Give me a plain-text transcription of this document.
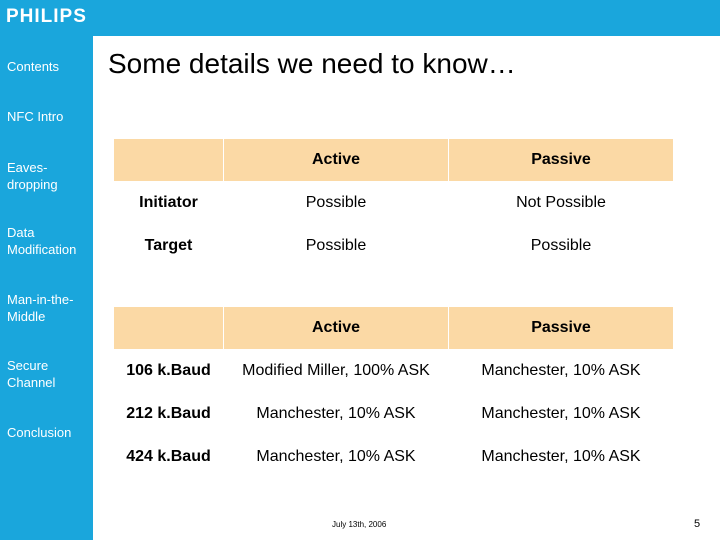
PHILIPS
Contents
NFC Intro
Eaves-
dropping
Data
Modification
Man-in-the-
Middle
Secure
Channel
Conclusion
Some details we need to know…
	Active	Passive
Initiator	Possible	Not Possible
Target	Possible	Possible
	Active	Passive
106 k.Baud	Modified Miller, 100% ASK	Manchester, 10% ASK
212 k.Baud	Manchester, 10% ASK	Manchester, 10% ASK
424 k.Baud	Manchester, 10% ASK	Manchester, 10% ASK
July 13th, 2006	5
